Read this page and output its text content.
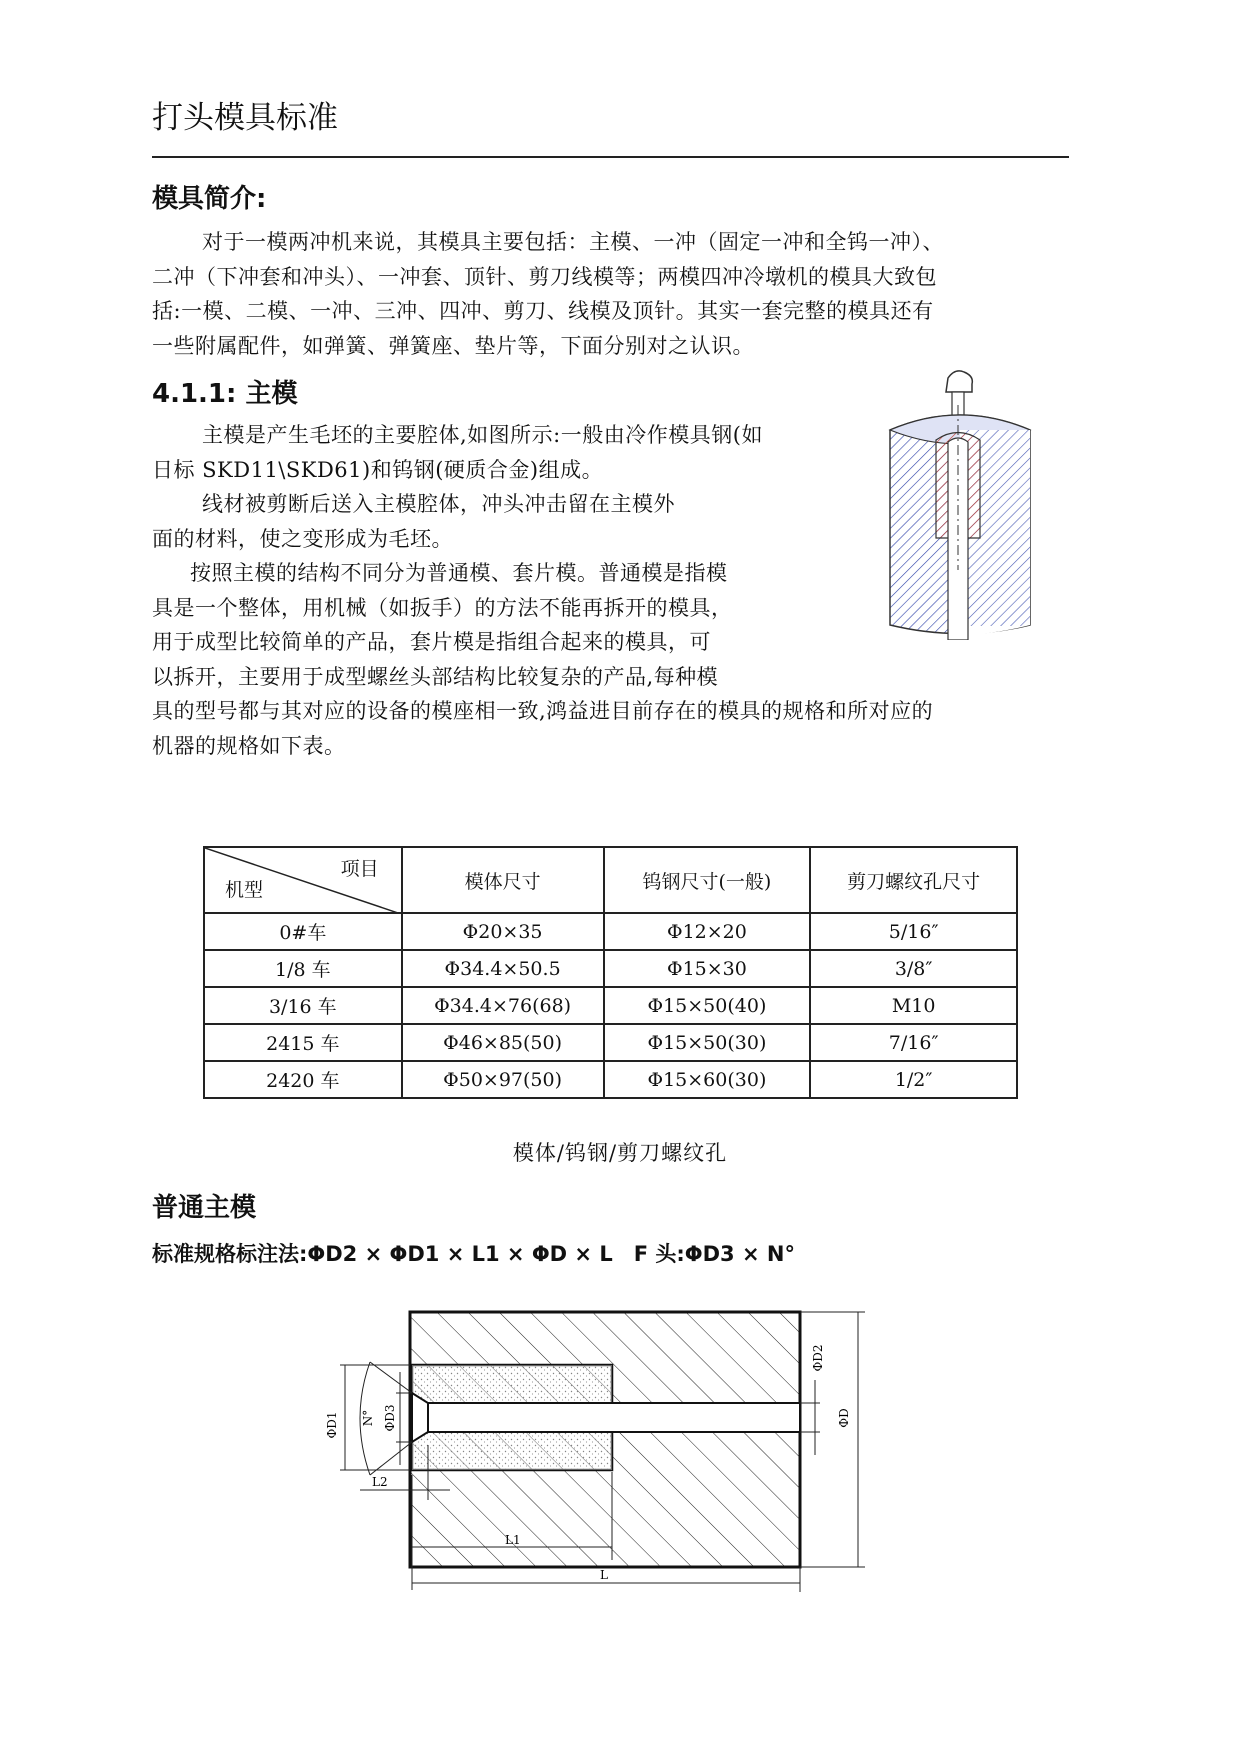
打头模具标准
模具简介:

对于一模两冲机来说，其模具主要包括：主模、一冲（固定一冲和全钨一冲）、

二冲（下冲套和冲头）、一冲套、顶针、剪刀线模等；两模四冲冷墩机的模具大致包

括:一模、二模、一冲、三冲、四冲、剪刀、线模及顶针。其实一套完整的模具还有

一些附属配件，如弹簧、弹簧座、垫片等，下面分别对之认识。

4.1.1: 主模

主模是产生毛坯的主要腔体,如图所示:一般由冷作模具钢(如

日标 SKD11\SKD61)和钨钢(硬质合金)组成。

线材被剪断后送入主模腔体，冲头冲击留在主模外

面的材料，使之变形成为毛坯。

按照主模的结构不同分为普通模、套片模。普通模是指模

具是一个整体，用机械（如扳手）的方法不能再拆开的模具，

用于成型比较简单的产品，套片模是指组合起来的模具，可

以拆开，主要用于成型螺丝头部结构比较复杂的产品,每种模

具的型号都与其对应的设备的模座相一致,鸿益进目前存在的模具的规格和所对应的

机器的规格如下表。

项目
机型	模体尺寸	钨钢尺寸(一般)	剪刀螺纹孔尺寸
0#车	Φ20×35	Φ12×20	5/16″
1/8 车	Φ34.4×50.5	Φ15×30	3/8″
3/16 车	Φ34.4×76(68)	Φ15×50(40)	M10
2415 车	Φ46×85(50)	Φ15×50(30)	7/16″
2420 车	Φ50×97(50)	Φ15×60(30)	1/2″
模体/钨钢/剪刀螺纹孔
普通主模
标准规格标注法:ΦD2 × ΦD1 × L1 × ΦD × L　F 头:ΦD3 × N°
ΦD1	ΦD3
N°
ΦD2
ΦD
L2
L1
L
